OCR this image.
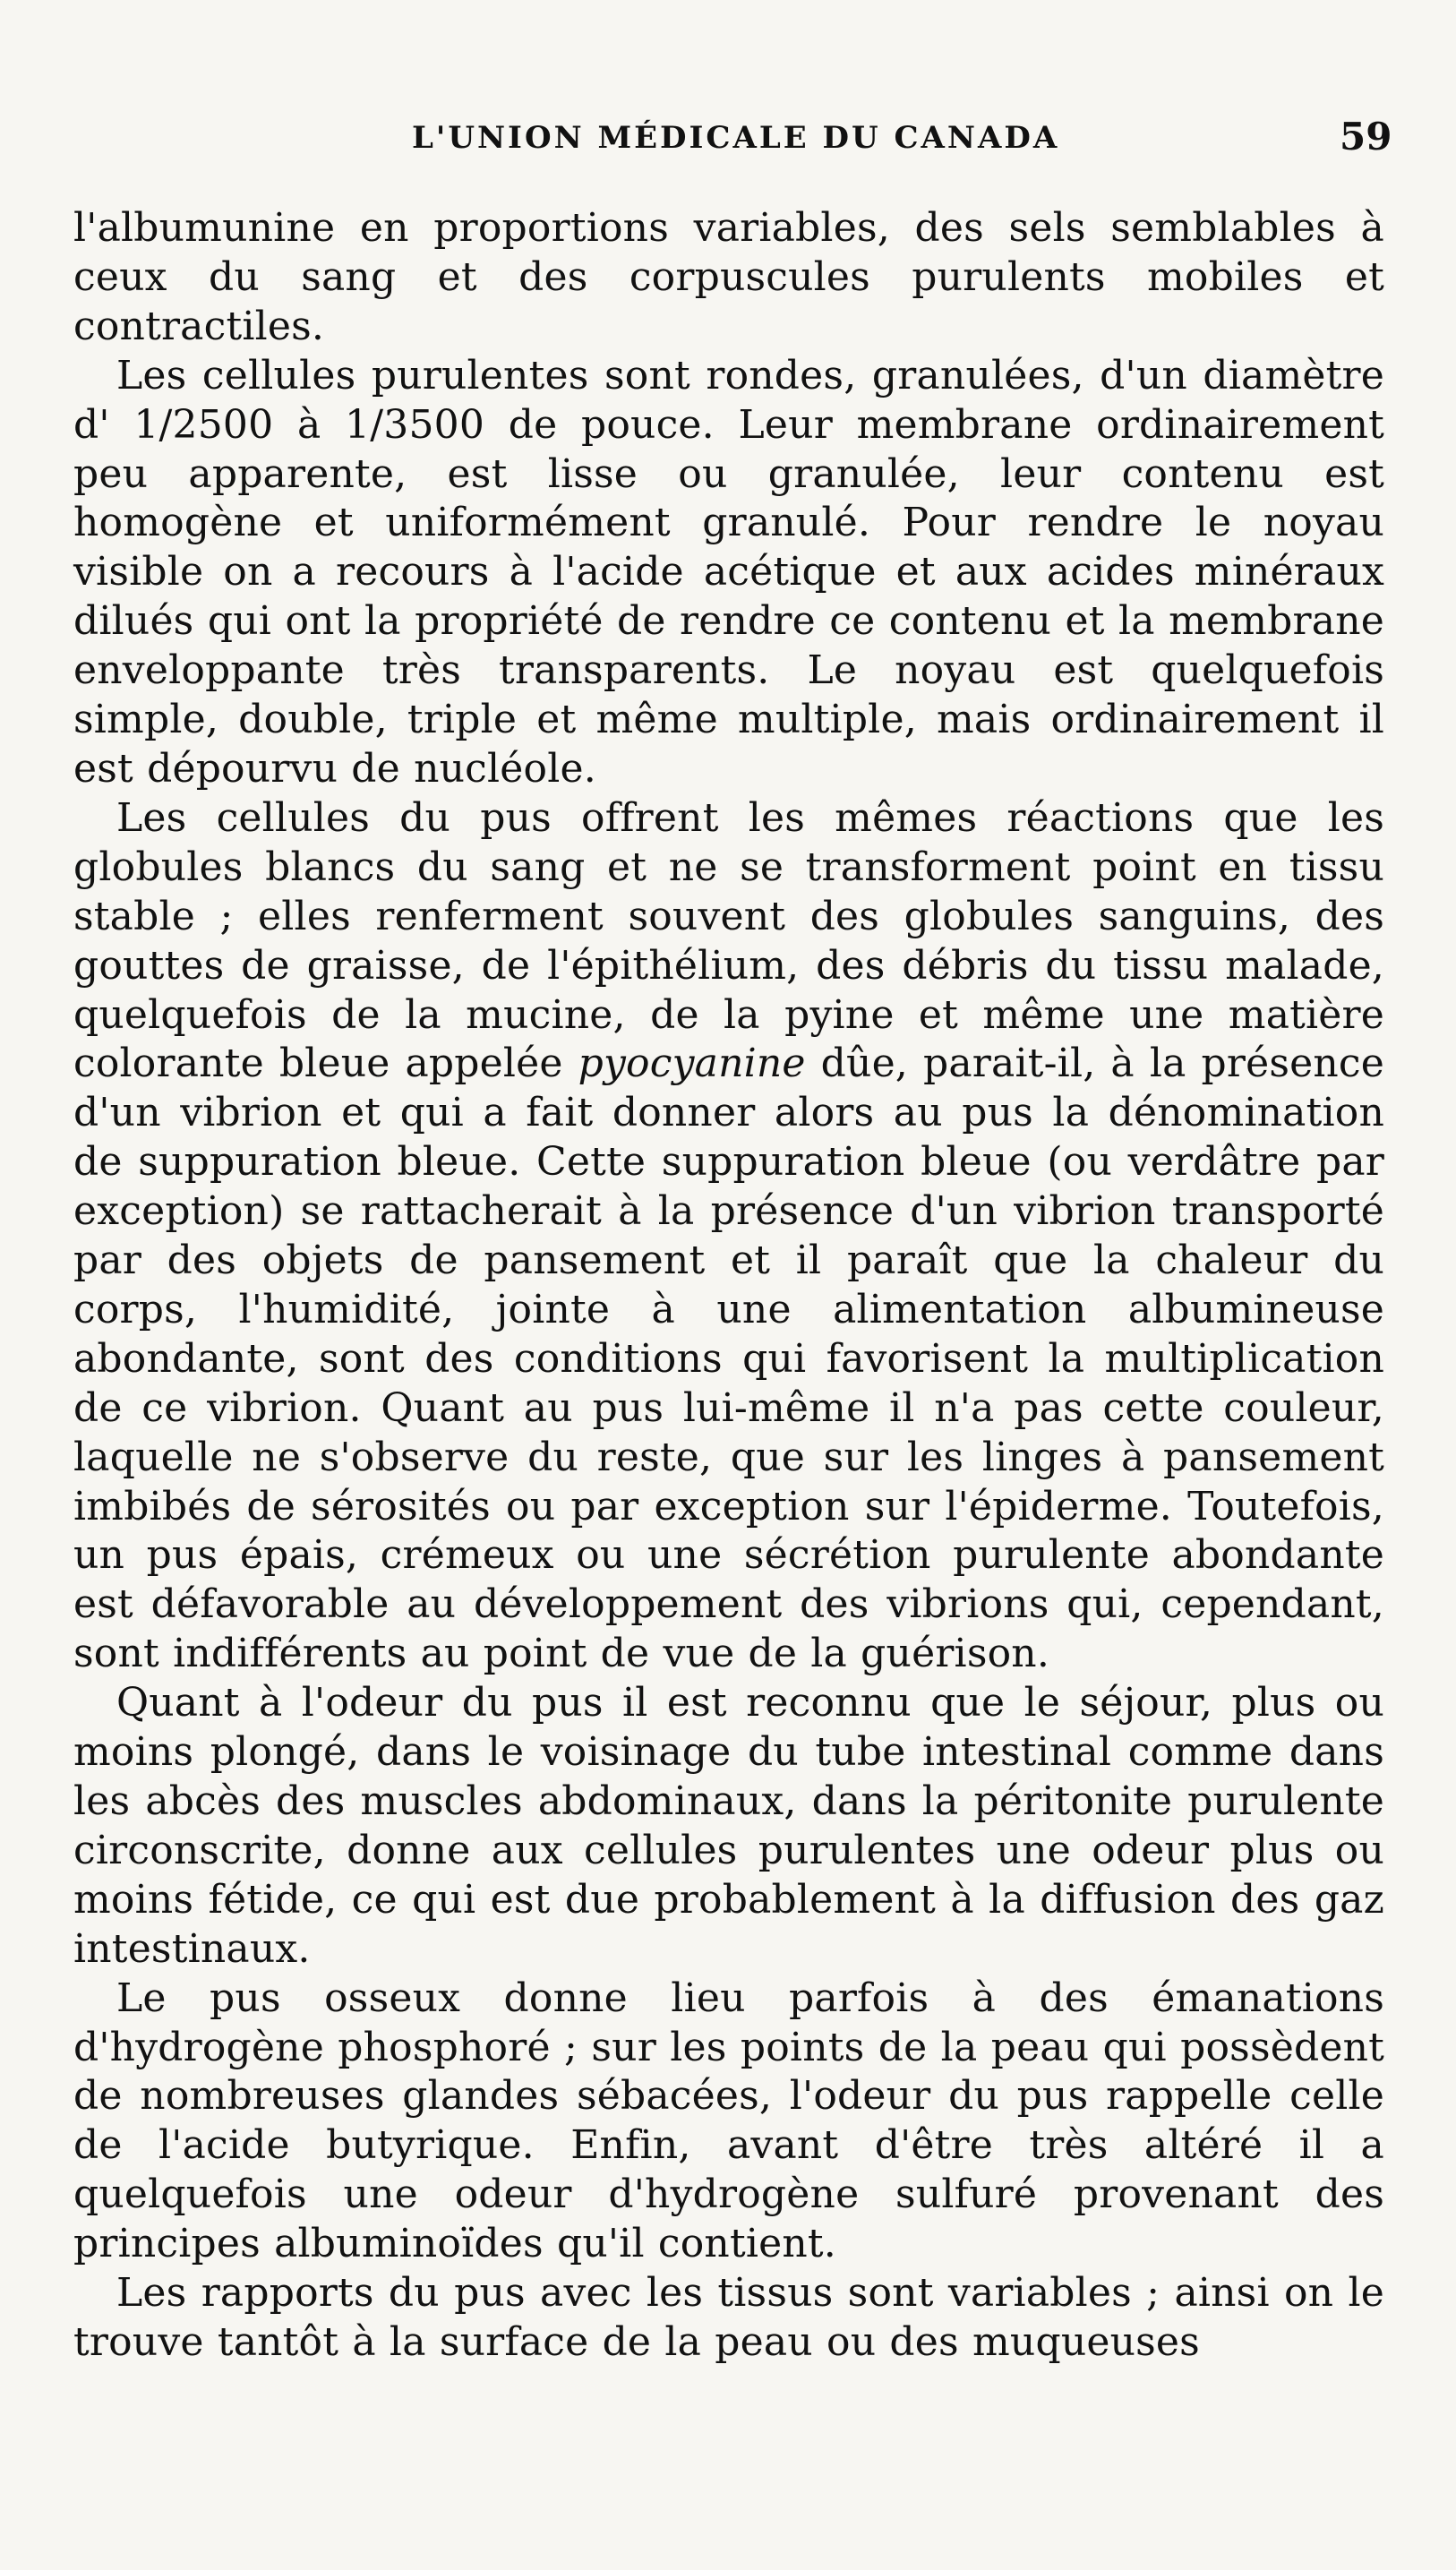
L'UNION MÉDICALE DU CANADA	59

l'albumunine en proportions variables, des sels semblables à ceux du sang et des corpuscules purulents mobiles et contractiles.

Les cellules purulentes sont rondes, granulées, d'un diamètre d' 1/2500 à 1/3500 de pouce. Leur membrane ordinairement peu apparente, est lisse ou granulée, leur contenu est homogène et uniformément granulé. Pour rendre le noyau visible on a recours à l'acide acétique et aux acides minéraux dilués qui ont la propriété de rendre ce contenu et la membrane enveloppante très transparents. Le noyau est quelquefois simple, double, triple et même multiple, mais ordinairement il est dépourvu de nucléole.

Les cellules du pus offrent les mêmes réactions que les globules blancs du sang et ne se transforment point en tissu stable ; elles renferment souvent des globules sanguins, des gouttes de graisse, de l'épithélium, des débris du tissu malade, quelquefois de la mucine, de la pyine et même une matière colorante bleue appelée pyocyanine dûe, parait-il, à la présence d'un vibrion et qui a fait donner alors au pus la dénomination de suppuration bleue. Cette suppuration bleue (ou verdâtre par exception) se rattacherait à la présence d'un vibrion transporté par des objets de pansement et il paraît que la chaleur du corps, l'humidité, jointe à une alimentation albumineuse abondante, sont des conditions qui favorisent la multiplication de ce vibrion. Quant au pus lui-même il n'a pas cette couleur, laquelle ne s'observe du reste, que sur les linges à pansement imbibés de sérosités ou par exception sur l'épiderme. Toutefois, un pus épais, crémeux ou une sécrétion purulente abondante est défavorable au développement des vibrions qui, cependant, sont indifférents au point de vue de la guérison.

Quant à l'odeur du pus il est reconnu que le séjour, plus ou moins plongé, dans le voisinage du tube intestinal comme dans les abcès des muscles abdominaux, dans la péritonite purulente circonscrite, donne aux cellules purulentes une odeur plus ou moins fétide, ce qui est due probablement à la diffusion des gaz intestinaux.

Le pus osseux donne lieu parfois à des émanations d'hydrogène phosphoré ; sur les points de la peau qui possèdent de nombreuses glandes sébacées, l'odeur du pus rappelle celle de l'acide butyrique. Enfin, avant d'être très altéré il a quelquefois une odeur d'hydrogène sulfuré provenant des principes albuminoïdes qu'il contient.

Les rapports du pus avec les tissus sont variables ; ainsi on le trouve tantôt à la surface de la peau ou des muqueuses
